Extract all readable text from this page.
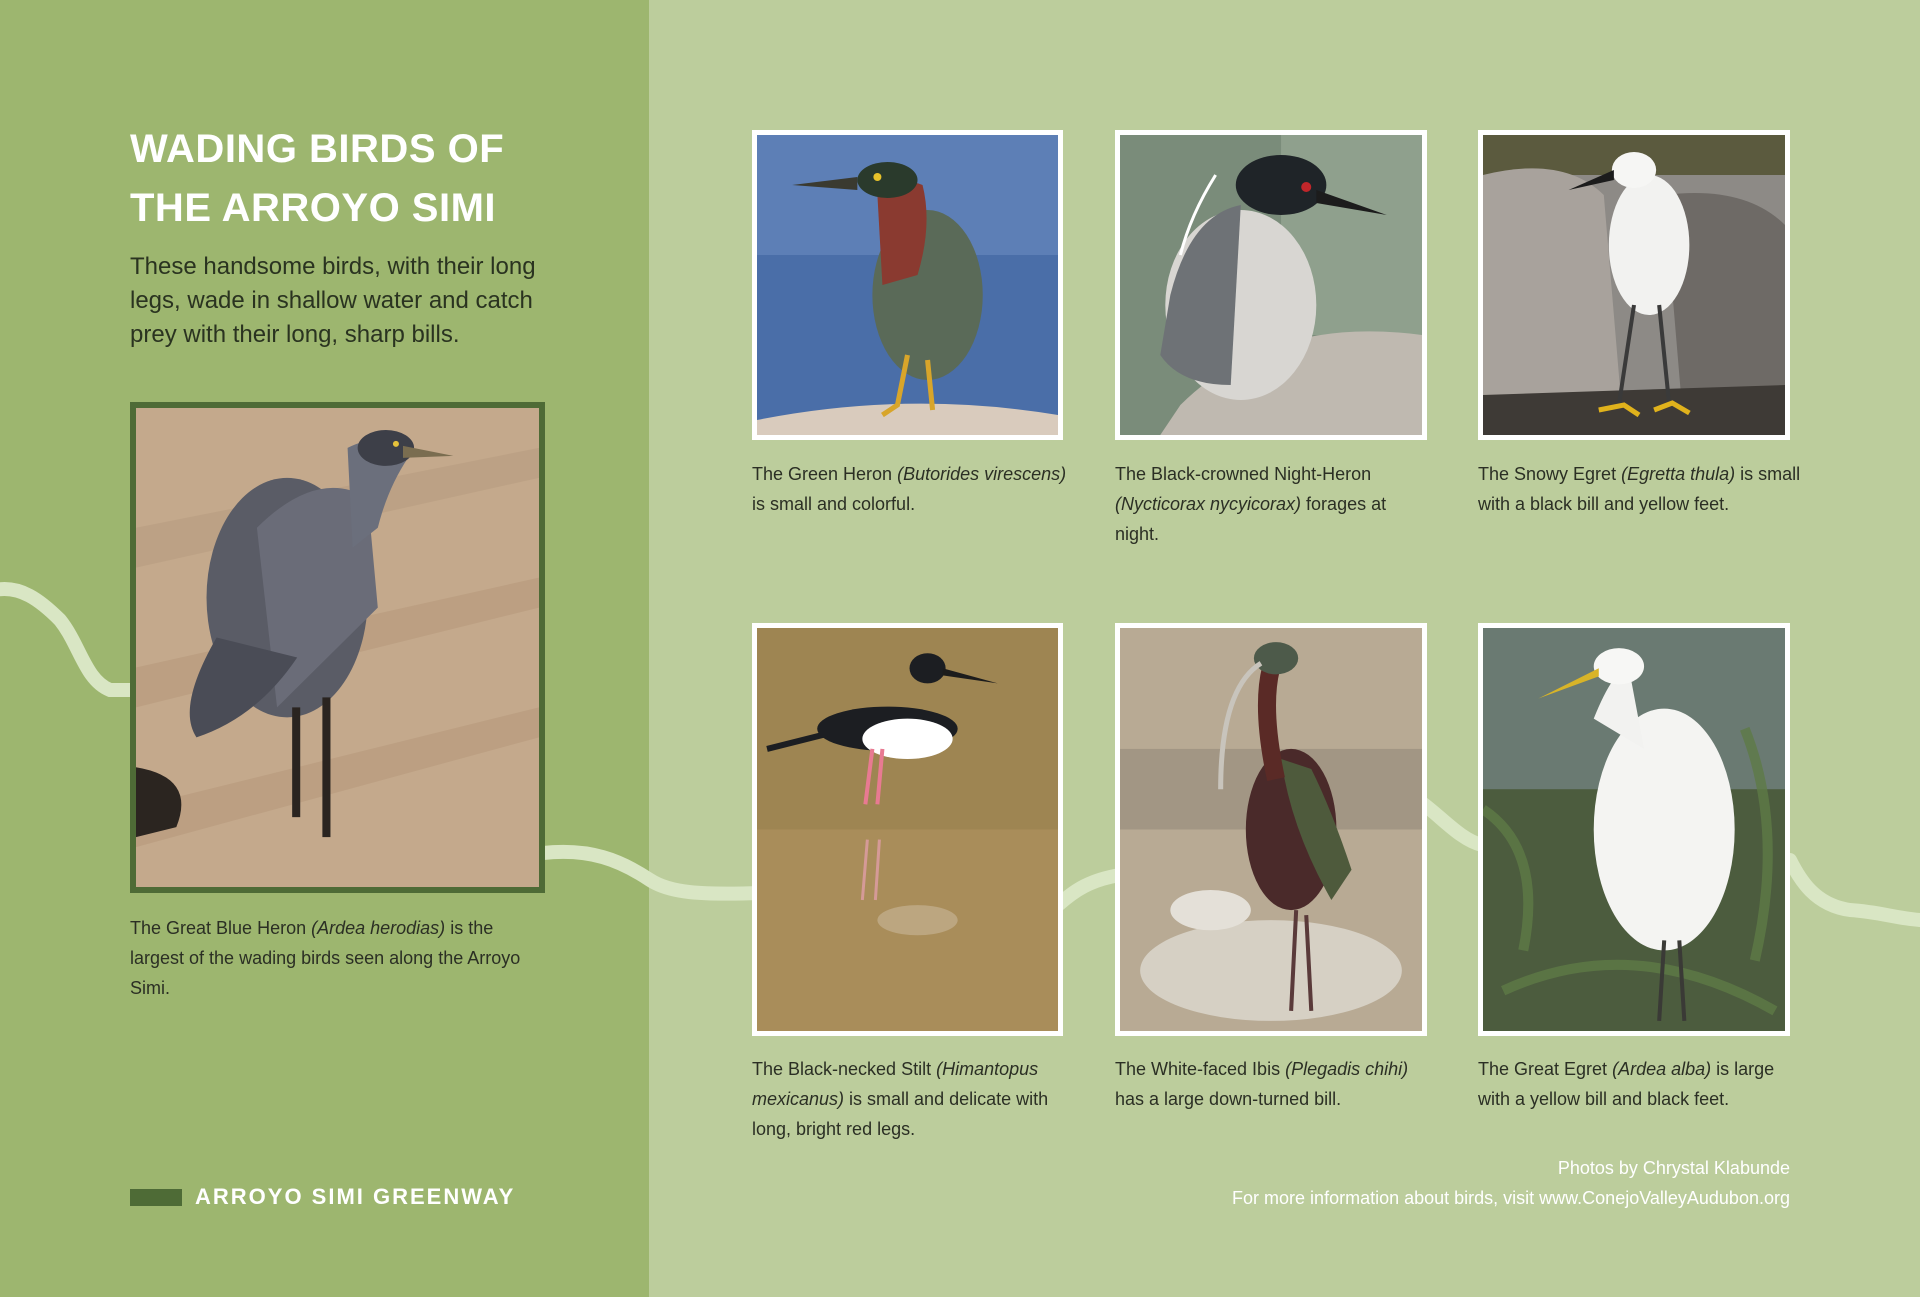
WADING BIRDS OF
THE ARROYO SIMI

These handsome birds, with their long legs, wade in shallow water and catch prey with their long, sharp bills.

The Great Blue Heron (Ardea herodias) is the largest of the wading birds seen along the Arroyo Simi.

The Green Heron (Butorides virescens) is small and colorful.

The Black-crowned Night-Heron (Nycticorax nycyicorax) forages at night.

The Snowy Egret (Egretta thula) is small with a black bill and yellow feet.

The Black-necked Stilt (Himantopus mexicanus) is small and delicate with long, bright red legs.

The White-faced Ibis (Plegadis chihi) has a large down-turned bill.

The Great Egret (Ardea alba) is large with a yellow bill and black feet.

ARROYO SIMI GREENWAY
Photos by Chrystal Klabunde
For more information about birds, visit www.ConejoValleyAudubon.org
